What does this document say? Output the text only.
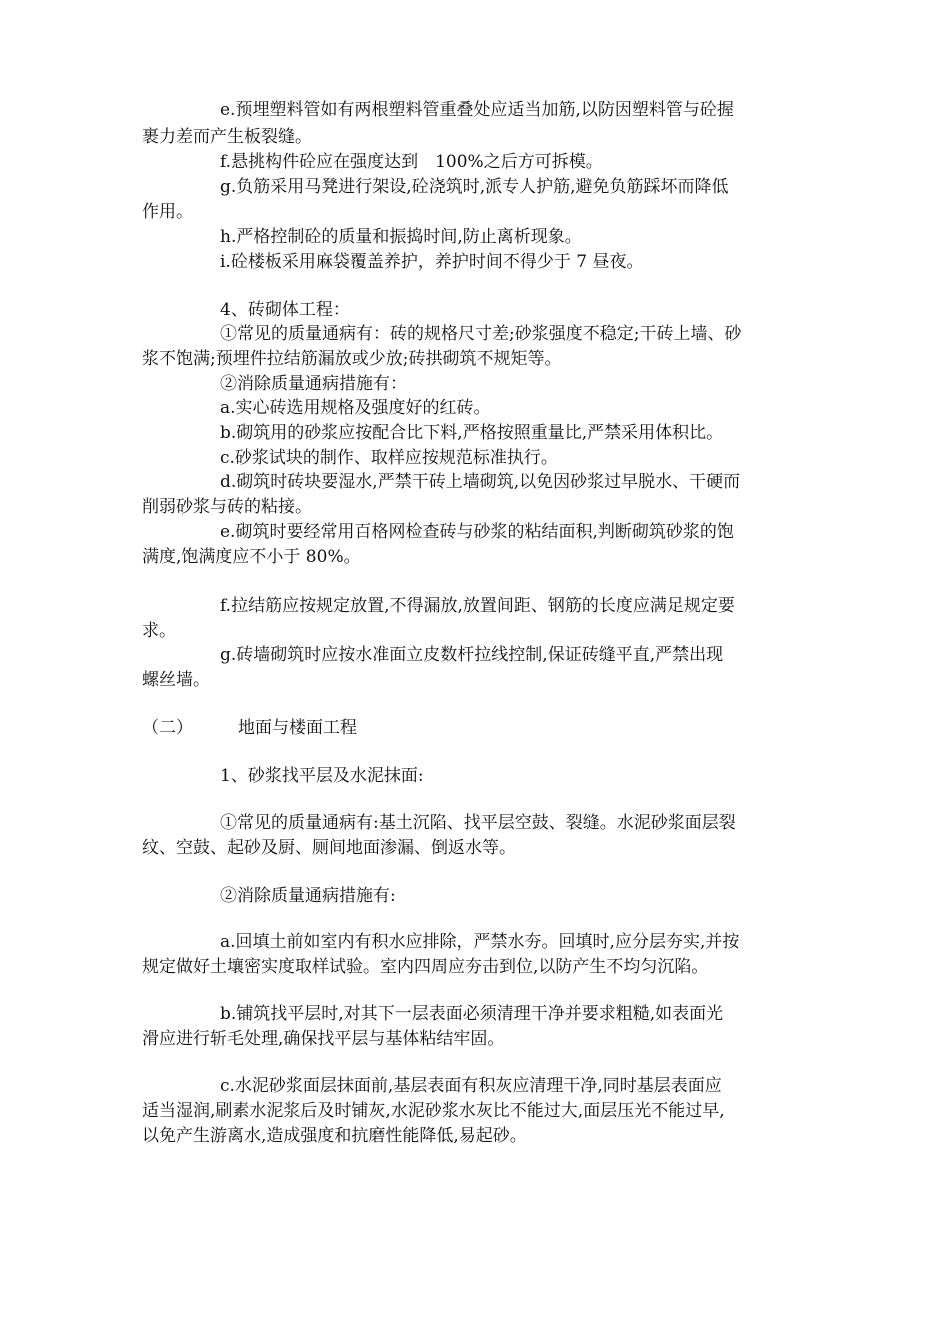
e.预埋塑料管如有两根塑料管重叠处应适当加筋,以防因塑料管与砼握
裹力差而产生板裂缝。
f.悬挑构件砼应在强度达到　100%之后方可拆模。
g.负筋采用马凳进行架设,砼浇筑时,派专人护筋,避免负筋踩坏而降低
作用。
h.严格控制砼的质量和振捣时间,防止离析现象。
i.砼楼板采用麻袋覆盖养护，养护时间不得少于 7 昼夜。
4、砖砌体工程：
①常见的质量通病有：砖的规格尺寸差;砂浆强度不稳定;干砖上墙、砂
浆不饱满;预埋件拉结筋漏放或少放;砖拱砌筑不规矩等。
②消除质量通病措施有：
a.实心砖选用规格及强度好的红砖。
b.砌筑用的砂浆应按配合比下料,严格按照重量比,严禁采用体积比。
c.砂浆试块的制作、取样应按规范标准执行。
d.砌筑时砖块要湿水,严禁干砖上墙砌筑,以免因砂浆过早脱水、干硬而
削弱砂浆与砖的粘接。
e.砌筑时要经常用百格网检查砖与砂浆的粘结面积,判断砌筑砂浆的饱
满度,饱满度应不小于 80%。
f.拉结筋应按规定放置,不得漏放,放置间距、钢筋的长度应满足规定要
求。
g.砖墙砌筑时应按水准面立皮数杆拉线控制,保证砖缝平直,严禁出现
螺丝墙。
（二）	地面与楼面工程
1、砂浆找平层及水泥抹面:
①常见的质量通病有:基土沉陷、找平层空鼓、裂缝。水泥砂浆面层裂
纹、空鼓、起砂及厨、厕间地面渗漏、倒返水等。
②消除质量通病措施有:
a.回填土前如室内有积水应排除，严禁水夯。回填时,应分层夯实,并按
规定做好土壤密实度取样试验。室内四周应夯击到位,以防产生不均匀沉陷。
b.铺筑找平层时,对其下一层表面必须清理干净并要求粗糙,如表面光
滑应进行斩毛处理,确保找平层与基体粘结牢固。
c.水泥砂浆面层抹面前,基层表面有积灰应清理干净,同时基层表面应
适当湿润,刷素水泥浆后及时铺灰,水泥砂浆水灰比不能过大,面层压光不能过早,
以免产生游离水,造成强度和抗磨性能降低,易起砂。
